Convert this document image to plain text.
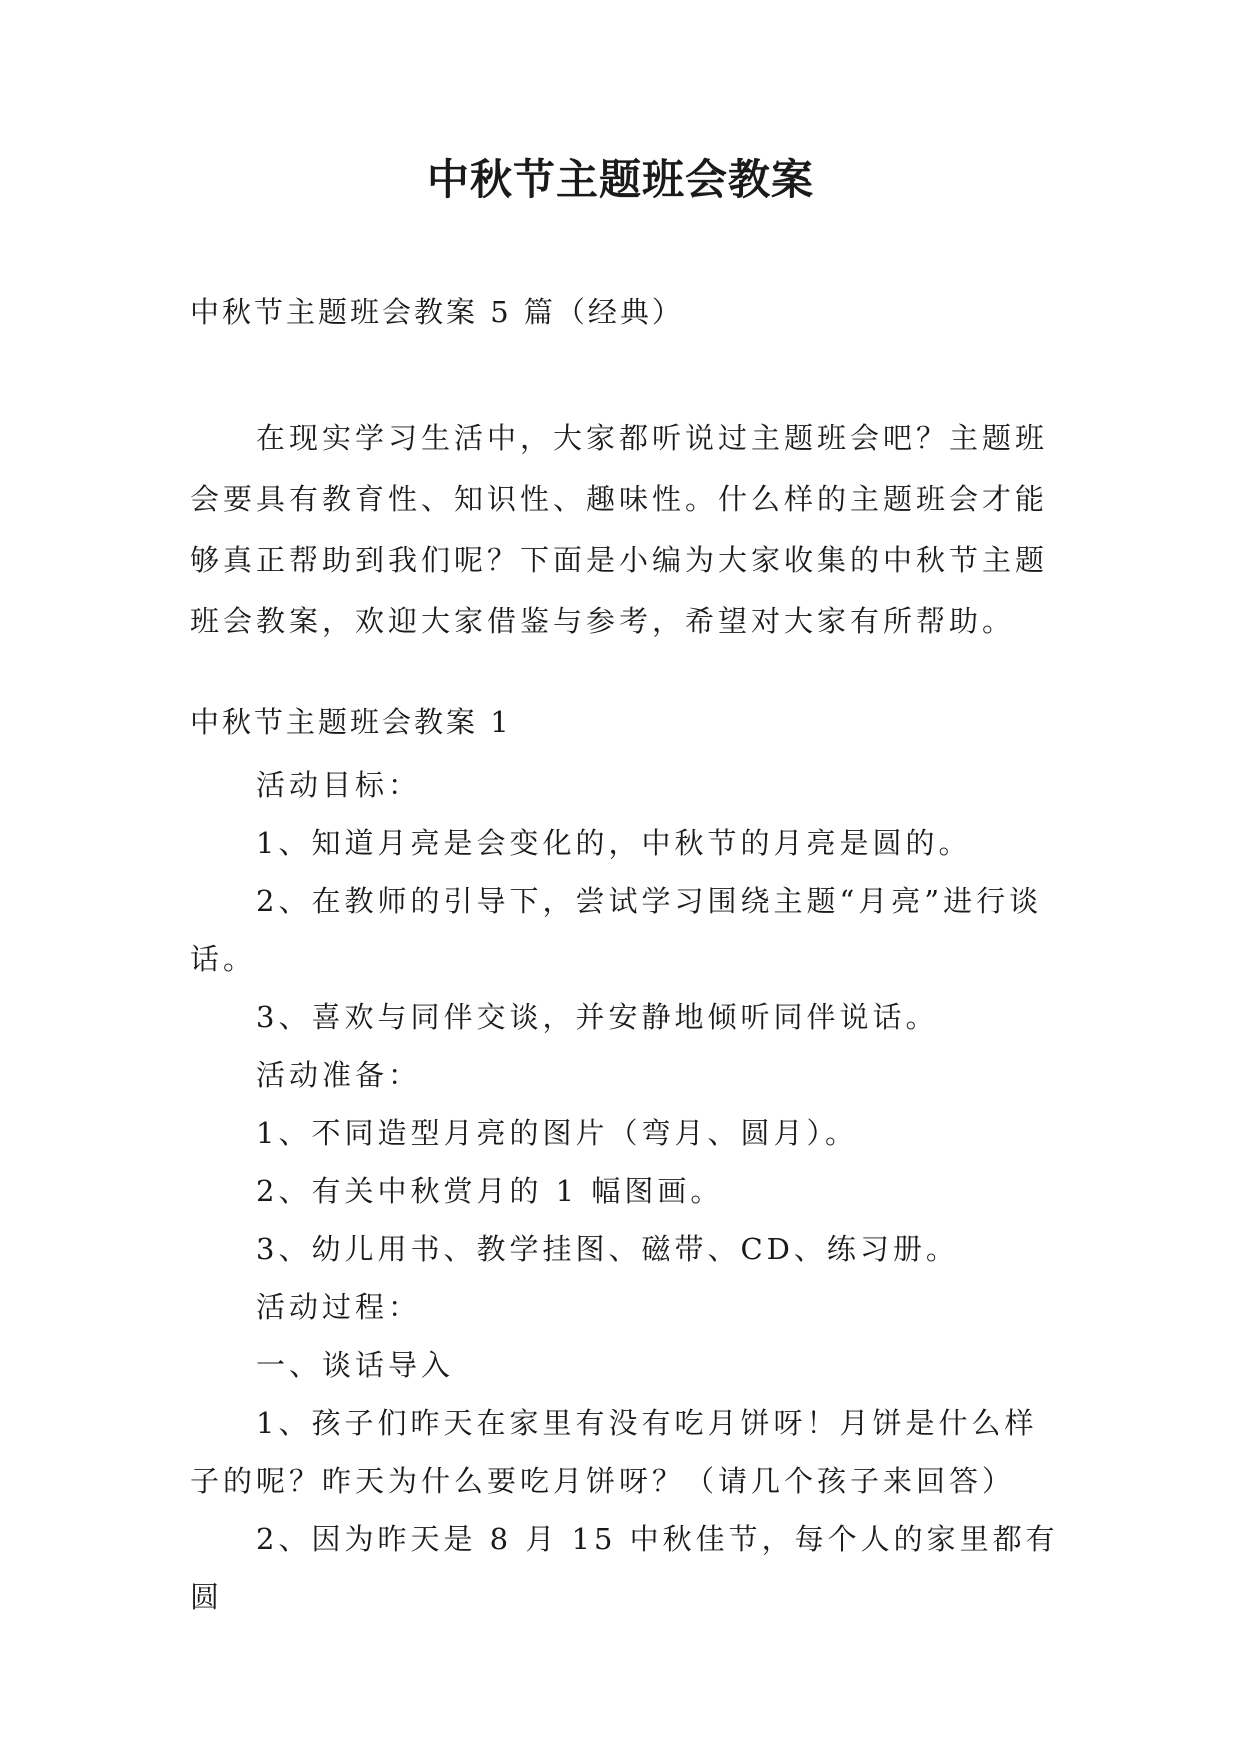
中秋节主题班会教案
中秋节主题班会教案 5 篇（经典）

在现实学习生活中，大家都听说过主题班会吧？主题班会要具有教育性、知识性、趣味性。什么样的主题班会才能够真正帮助到我们呢？下面是小编为大家收集的中秋节主题班会教案，欢迎大家借鉴与参考，希望对大家有所帮助。

中秋节主题班会教案 1

活动目标：

1、知道月亮是会变化的，中秋节的月亮是圆的。

2、在教师的引导下，尝试学习围绕主题“月亮”进行谈话。

3、喜欢与同伴交谈，并安静地倾听同伴说话。

活动准备：

1、不同造型月亮的图片（弯月、圆月）。

2、有关中秋赏月的 1 幅图画。

3、幼儿用书、教学挂图、磁带、CD、练习册。

活动过程：

一、谈话导入

1、孩子们昨天在家里有没有吃月饼呀！月饼是什么样子的呢？昨天为什么要吃月饼呀？（请几个孩子来回答）

2、因为昨天是 8 月 15 中秋佳节，每个人的家里都有圆
